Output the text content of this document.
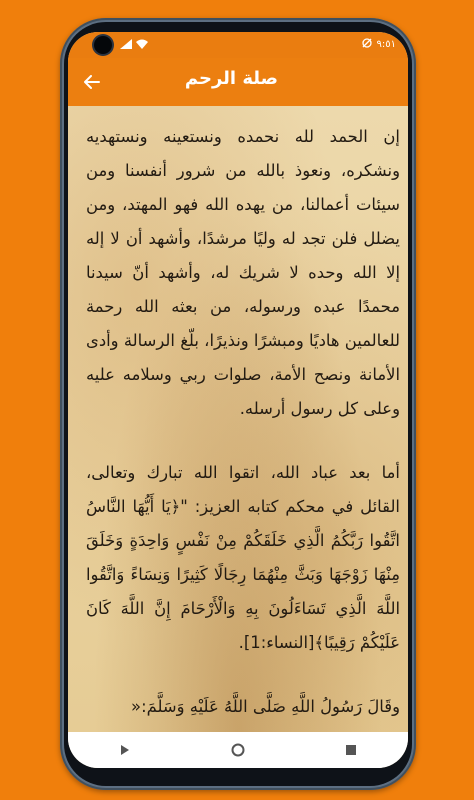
٩:٥١
صلة الرحم

إن الحمد لله نحمده ونستعينه ونستهديه ونشكره، ونعوذ بالله من شرور أنفسنا ومن سيئات أعمالنا، من يهده الله فهو المهتد، ومن يضلل فلن تجد له وليًا مرشدًا، وأشهد أن لا إله إلا الله وحده لا شريك له، وأشهد أنّ سيدنا محمدًا عبده ورسوله، من بعثه الله رحمة للعالمين هاديًا ومبشرًا ونذيرًا، بلّغ الرسالة وأدى الأمانة ونصح الأمة، صلوات ربي وسلامه عليه وعلى كل رسول أرسله.

أما بعد عباد الله، اتقوا الله تبارك وتعالى، القائل في محكم كتابه العزيز: "﴿يَا أَيُّهَا النَّاسُ اتَّقُوا رَبَّكُمُ الَّذِي خَلَقَكُمْ مِنْ نَفْسٍ وَاحِدَةٍ وَخَلَقَ مِنْهَا زَوْجَهَا وَبَثَّ مِنْهُمَا رِجَالًا كَثِيرًا وَنِسَاءً وَاتَّقُوا اللَّهَ الَّذِي تَسَاءَلُونَ بِهِ وَالْأَرْحَامَ إِنَّ اللَّهَ كَانَ عَلَيْكُمْ رَقِيبًا﴾[النساء:1].

وقَالَ رَسُولُ اللَّهِ صَلَّى اللَّهُ عَلَيْهِ وَسَلَّمَ:«
